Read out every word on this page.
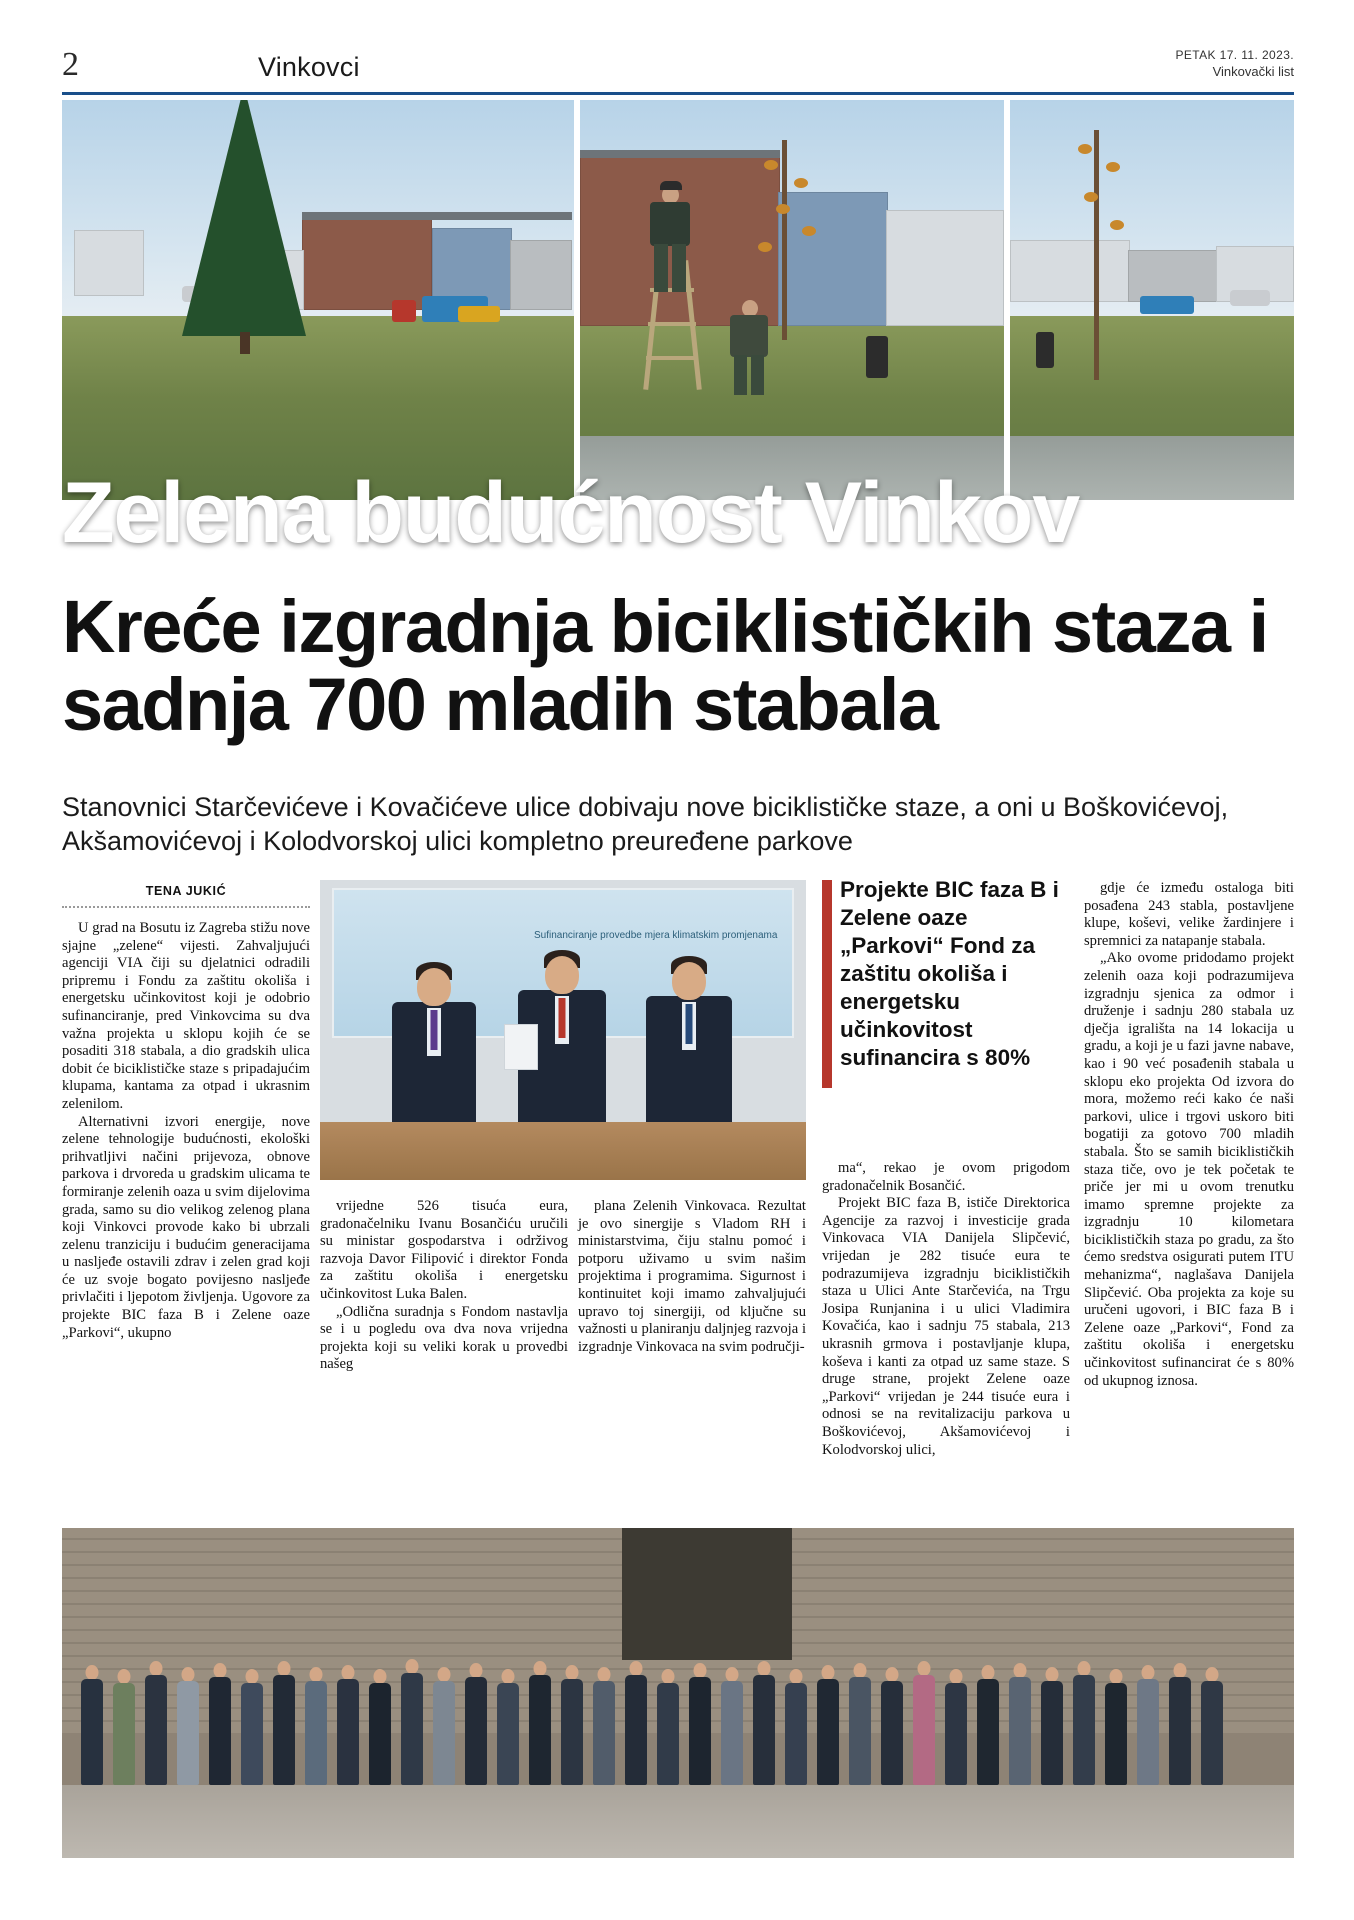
2	Vinkovci	PETAK 17. 11. 2023.
Vinkovački list
Zelena budućnost Vinkov
Kreće izgradnja biciklističkih staza i sadnja 700 mladih stabala
Stanovnici Starčevićeve i Kovačićeve ulice dobivaju nove biciklističke staze, a oni u Boškovićevoj, Akšamovićevoj i Kolodvorskoj ulici kompletno preuređene parkove
TENA JUKIĆ

U grad na Bosutu iz Zagreba stižu nove sjajne „zelene“ vijesti. Zahvaljujući agenciji VIA čiji su djelatnici odradili pripremu i Fondu za zaštitu okoliša i energetsku učinkovitost koji je odobrio sufinanciranje, pred Vinkovcima su dva važna projekta u sklopu kojih će se posaditi 318 stabala, a dio gradskih ulica dobit će biciklističke staze s pripadajućim klupama, kantama za otpad i ukrasnim zelenilom.

Alternativni izvori energije, nove zelene tehnologije budućnosti, ekološki prihvatljivi načini prijevoza, obnove parkova i drvoreda u gradskim ulicama te formiranje zelenih oaza u svim dijelovima grada, samo su dio velikog zelenog plana koji Vinkovci provode kako bi ubrzali zelenu tranziciju i budućim generacijama u nasljeđe ostavili zdrav i zelen grad koji će uz svoje bogato povijesno nasljeđe privlačiti i ljepotom življenja. Ugovore za projekte BIC faza B i Zelene oaze „Parkovi“, ukupno

Sufinanciranje provedbe mjera klimatskim promjenama

vrijedne 526 tisuća eura, gradonačelniku Ivanu Bosančiću uručili su ministar gospodarstva i održivog razvoja Davor Filipović i direktor Fonda za zaštitu okoliša i energetsku učinkovitost Luka Balen.

„Odlična suradnja s Fondom nastavlja se i u pogledu ova dva nova vrijedna projekta koji su veliki korak u provedbi našeg

plana Zelenih Vinkovaca. Rezultat je ovo sinergije s Vladom RH i ministarstvima, čiju stalnu pomoć i potporu uživamo u svim našim projektima i programima. Sigurnost i kontinuitet koji imamo zahvaljujući upravo toj sinergiji, od ključne su važnosti u planiranju daljnjeg razvoja i izgradnje Vinkovaca na svim područji-

Projekte BIC faza B i Zelene oaze „Parkovi“ Fond za zaštitu okoliša i energetsku učinkovitost sufinancira s 80%

ma“, rekao je ovom prigodom gradonačelnik Bosančić.

Projekt BIC faza B, ističe Direktorica Agencije za razvoj i investicije grada Vinkovaca VIA Danijela Slipčević, vrijedan je 282 tisuće eura te podrazumijeva izgradnju biciklističkih staza u Ulici Ante Starčevića, na Trgu Josipa Runjanina i u ulici Vladimira Kovačića, kao i sadnju 75 stabala, 213 ukrasnih grmova i postavljanje klupa, koševa i kanti za otpad uz same staze. S druge strane, projekt Zelene oaze „Parkovi“ vrijedan je 244 tisuće eura i odnosi se na revitalizaciju parkova u Boškovićevoj, Akšamovićevoj i Kolodvorskoj ulici,

gdje će između ostaloga biti posađena 243 stabla, postavljene klupe, koševi, velike žardinjere i spremnici za natapanje stabala.

„Ako ovome pridodamo projekt zelenih oaza koji podrazumijeva izgradnju sjenica za odmor i druženje i sadnju 280 stabala uz dječja igrališta na 14 lokacija u gradu, a koji je u fazi javne nabave, kao i 90 već posađenih stabala u sklopu eko projekta Od izvora do mora, možemo reći kako će naši parkovi, ulice i trgovi uskoro biti bogatiji za gotovo 700 mladih stabala. Što se samih biciklističkih staza tiče, ovo je tek početak te priče jer mi u ovom trenutku imamo spremne projekte za izgradnju 10 kilometara biciklističkih staza po gradu, za što ćemo sredstva osigurati putem ITU mehanizma“, naglašava Danijela Slipčević. Oba projekta za koje su uručeni ugovori, i BIC faza B i Zelene oaze „Parkovi“, Fond za zaštitu okoliša i energetsku učinkovitost sufinancirat će s 80% od ukupnog iznosa.
